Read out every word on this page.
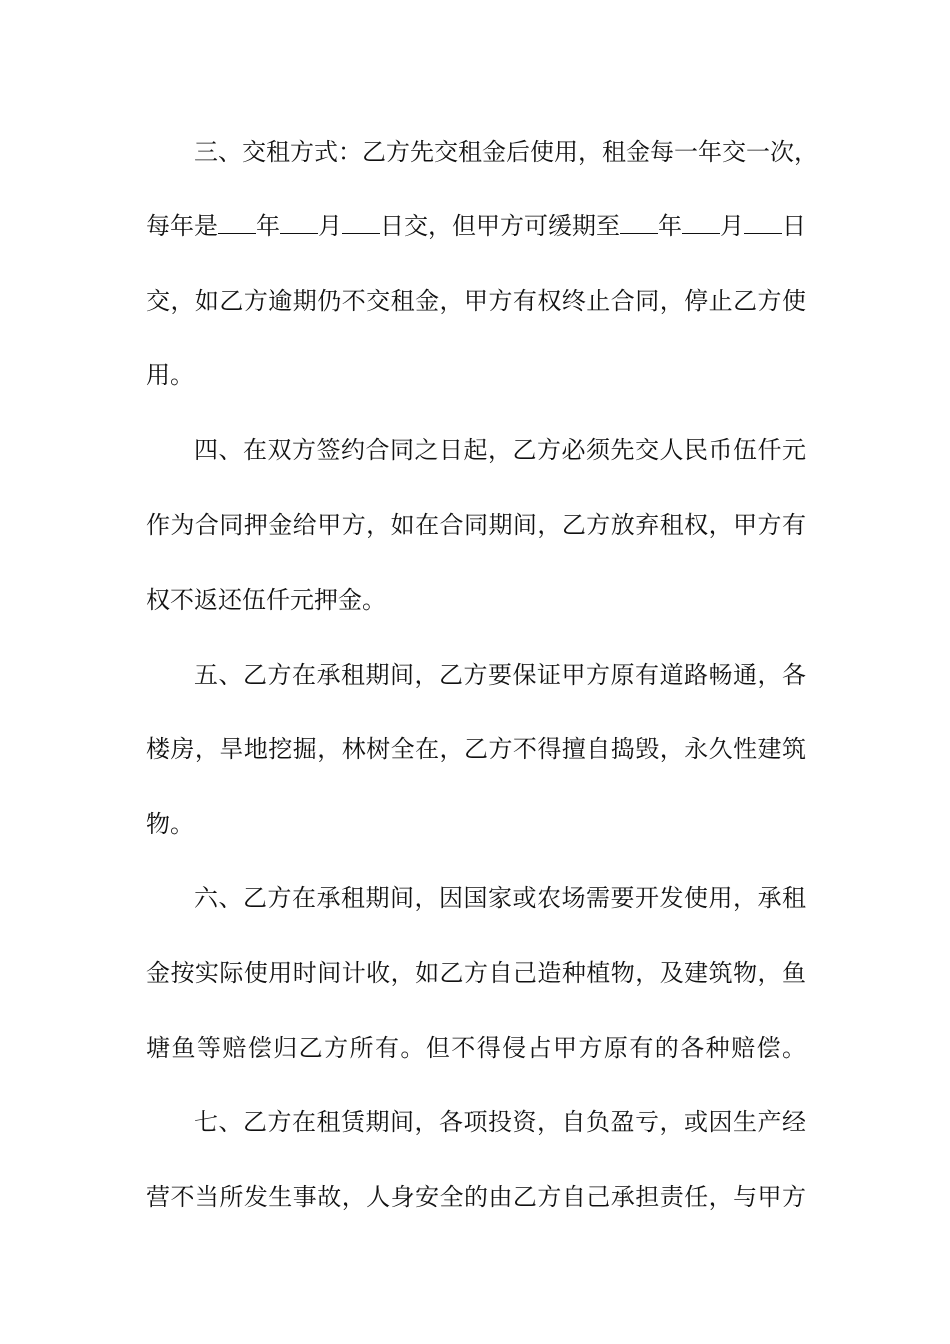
三、交租方式：乙方先交租金后使用，租金每一年交一次，
每年是 年 月 日交，但甲方可缓期至 年 月 日
交，如乙方逾期仍不交租金，甲方有权终止合同，停止乙方使
用。
四、在双方签约合同之日起，乙方必须先交人民币伍仟元
作为合同押金给甲方，如在合同期间，乙方放弃租权，甲方有
权不返还伍仟元押金。
五、乙方在承租期间，乙方要保证甲方原有道路畅通，各
楼房，旱地挖掘，林树全在，乙方不得擅自捣毁，永久性建筑
物。
六、乙方在承租期间，因国家或农场需要开发使用，承租
金按实际使用时间计收，如乙方自己造种植物，及建筑物，鱼
塘鱼等赔偿归乙方所有。但不得侵占甲方原有的各种赔偿。
七、乙方在租赁期间，各项投资，自负盈亏，或因生产经
营不当所发生事故，人身安全的由乙方自己承担责任，与甲方
